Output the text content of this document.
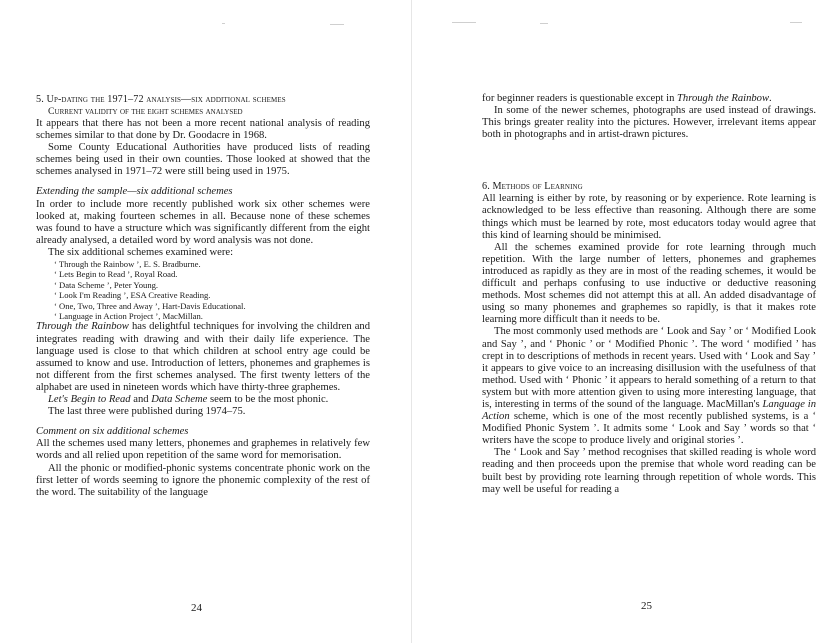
5. Up-dating the 1971–72 analysis—six additional schemes

Current validity of the eight schemes analysed

It appears that there has not been a more recent national analysis of reading schemes similar to that done by Dr. Goodacre in 1968.

Some County Educational Authorities have produced lists of reading schemes being used in their own counties. Those looked at showed that the schemes analysed in 1971–72 were still being used in 1975.

Extending the sample—six additional schemes

In order to include more recently published work six other schemes were looked at, making fourteen schemes in all. Because none of these schemes was found to have a structure which was significantly different from the eight already analysed, a detailed word by word analysis was not done.

The six additional schemes examined were:

‘ Through the Rainbow ’, E. S. Bradburne.
‘ Lets Begin to Read ’, Royal Road.
‘ Data Scheme ’, Peter Young.
‘ Look I'm Reading ’, ESA Creative Reading.
‘ One, Two, Three and Away ’, Hart-Davis Educational.
‘ Language in Action Project ’, MacMillan.

Through the Rainbow has delightful techniques for involving the children and integrates reading with drawing and with their daily life experience. The language used is close to that which children at school entry age could be assumed to know and use. Introduction of letters, phonemes and graphemes is not different from the first schemes analysed. The first twenty letters of the alphabet are used in nineteen words which have thirty-three graphemes.

Let's Begin to Read and Data Scheme seem to be the most phonic.

The last three were published during 1974–75.

Comment on six additional schemes

All the schemes used many letters, phonemes and graphemes in relatively few words and all relied upon repetition of the same word for memorisation.

All the phonic or modified-phonic systems concentrate phonic work on the first letter of words seeming to ignore the phonemic complexity of the rest of the word. The suitability of the language

24

for beginner readers is questionable except in Through the Rainbow.

In some of the newer schemes, photographs are used instead of drawings. This brings greater reality into the pictures. However, irrelevant items appear both in photographs and in artist-drawn pictures.

6. Methods of Learning

All learning is either by rote, by reasoning or by experience. Rote learning is acknowledged to be less effective than reasoning. Although there are some things which must be learned by rote, most educators today would agree that this kind of learning should be minimised.

All the schemes examined provide for rote learning through much repetition. With the large number of letters, phonemes and graphemes introduced as rapidly as they are in most of the reading schemes, it would be difficult and perhaps confusing to use inductive or deductive reasoning methods. Most schemes did not attempt this at all. An added disadvantage of using so many phonemes and graphemes so rapidly, is that it makes rote learning more difficult than it needs to be.

The most commonly used methods are ‘ Look and Say ’ or ‘ Modified Look and Say ’, and ‘ Phonic ’ or ‘ Modified Phonic ’. The word ‘ modified ’ has crept in to descriptions of methods in recent years. Used with ‘ Look and Say ’ it appears to give voice to an increasing disillusion with the usefulness of that method. Used with ‘ Phonic ’ it appears to herald something of a return to that system but with more attention given to using more interesting language, that is, interesting in terms of the sound of the language. MacMillan's Language in Action scheme, which is one of the most recently published systems, is a ‘ Modified Phonic System ’. It admits some ‘ Look and Say ’ words so that ‘ writers have the scope to produce lively and original stories ’.

The ‘ Look and Say ’ method recognises that skilled reading is whole word reading and then proceeds upon the premise that whole word reading can be built best by providing rote learning through repetition of whole words. This may well be useful for reading a

25
